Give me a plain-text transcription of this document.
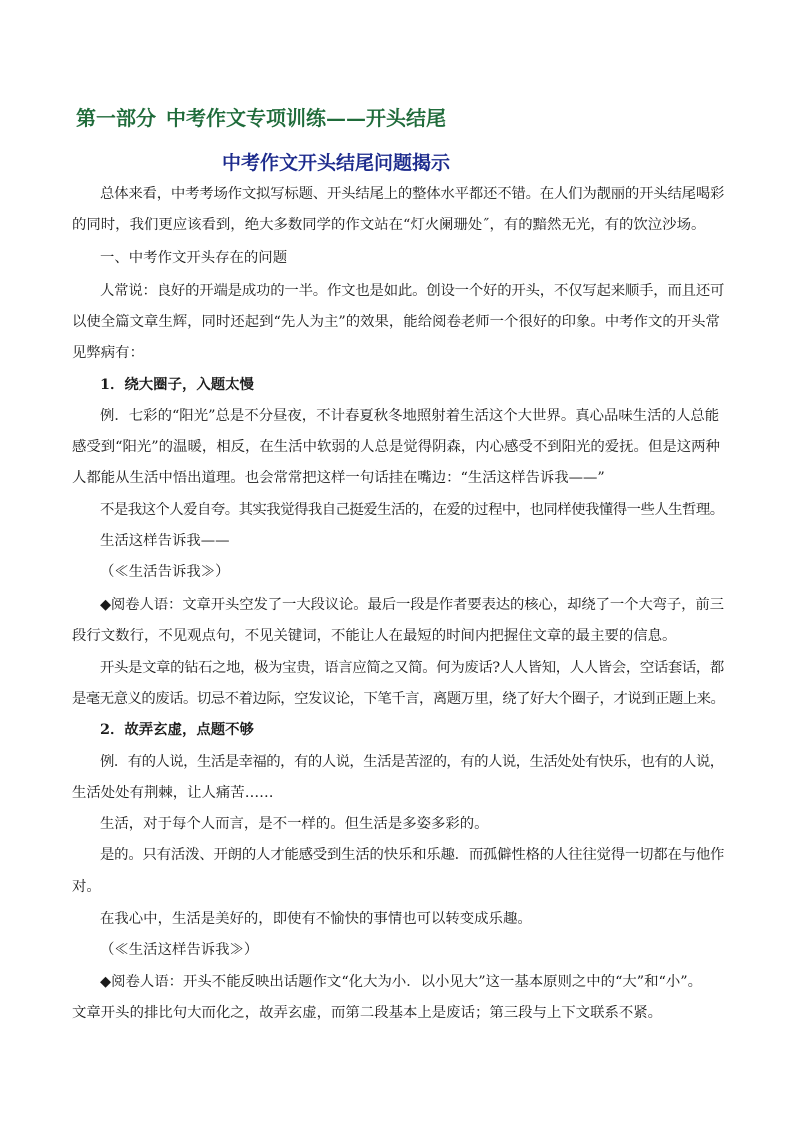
第一部分 中考作文专项训练——开头结尾
中考作文开头结尾问题揭示
总体来看，中考考场作文拟写标题、开头结尾上的整体水平都还不错。在人们为靓丽的开头结尾喝彩
的同时，我们更应该看到，绝大多数同学的作文站在“灯火阑珊处˝，有的黯然无光，有的饮泣沙场。
一、中考作文开头存在的问题
人常说：良好的开端是成功的一半。作文也是如此。创设一个好的开头，不仅写起来顺手，而且还可
以使全篇文章生辉，同时还起到“先人为主”的效果，能给阅卷老师一个很好的印象。中考作文的开头常
见弊病有：
1．绕大圈子，入题太慢
例．七彩的“阳光”总是不分昼夜，不计春夏秋冬地照射着生活这个大世界。真心品味生活的人总能
感受到“阳光”的温暖，相反，在生活中软弱的人总是觉得阴森，内心感受不到阳光的爱抚。但是这两种
人都能从生活中悟出道理。也会常常把这样一句话挂在嘴边：“生活这样告诉我——”
不是我这个人爱自夸。其实我觉得我自己挺爱生活的，在爱的过程中，也同样使我懂得一些人生哲理。
生活这样告诉我——
（≪生活告诉我≫）
◆阅卷人语：文章开头空发了一大段议论。最后一段是作者要表达的核心，却绕了一个大弯子，前三
段行文数行，不见观点句，不见关键词，不能让人在最短的时间内把握住文章的最主要的信息。
开头是文章的钻石之地，极为宝贵，语言应简之又简。何为废话?人人皆知，人人皆会，空话套话，都
是毫无意义的废话。切忌不着边际，空发议论，下笔千言，离题万里，绕了好大个圈子，才说到正题上来。
2．故弄玄虚，点题不够
例．有的人说，生活是幸福的，有的人说，生活是苦涩的，有的人说，生活处处有快乐，也有的人说，
生活处处有荆棘，让人痛苦……
生活，对于每个人而言，是不一样的。但生活是多姿多彩的。
是的。只有活泼、开朗的人才能感受到生活的快乐和乐趣．而孤僻性格的人往往觉得一切都在与他作
对。
在我心中，生活是美好的，即使有不愉快的事情也可以转变成乐趣。
（≪生活这样告诉我≫）
◆阅卷人语：开头不能反映出话题作文“化大为小．以小见大”这一基本原则之中的“大”和“小”。
文章开头的排比句大而化之，故弄玄虚，而第二段基本上是废话；第三段与上下文联系不紧。
